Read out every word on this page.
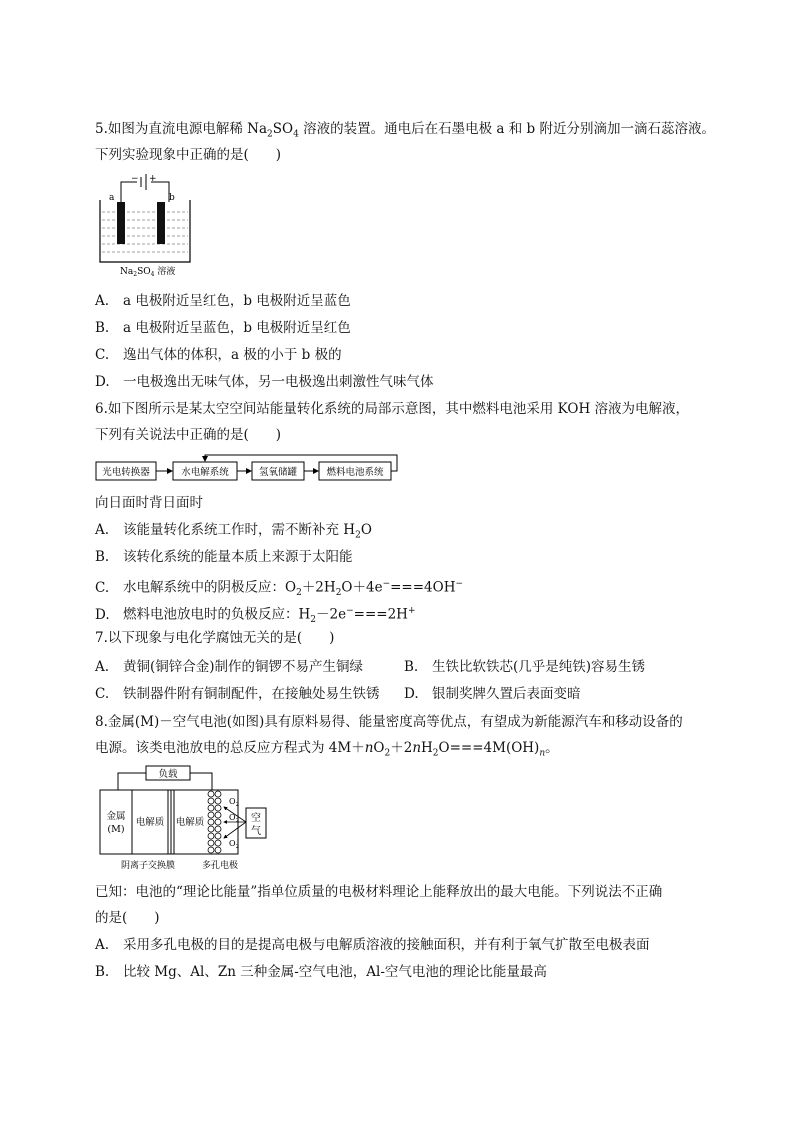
5.如图为直流电源电解稀 $Na_2SO_4$ 溶液的装置。通电后在石墨电极 a 和 b 附近分别滴加一滴石蕊溶液。
下列实验现象中正确的是(　　)
− +
a	b
$Na_2SO_4$ 溶液
A. a 电极附近呈红色，b 电极附近呈蓝色
B. a 电极附近呈蓝色，b 电极附近呈红色
C. 逸出气体的体积，a 极的小于 b 极的
D. 一电极逸出无味气体，另一电极逸出刺激性气味气体
6.如下图所示是某太空空间站能量转化系统的局部示意图，其中燃料电池采用 KOH 溶液为电解液，
下列有关说法中正确的是(　　)
光电转换器	水电解系统	氢氧储罐	燃料电池系统
向日面时背日面时
A. 该能量转化系统工作时，需不断补充 $H_2O$
B. 该转化系统的能量本质上来源于太阳能
C. 水电解系统中的阴极反应：$O_2+2H_2O+4e^-===4OH^-$
D. 燃料电池放电时的负极反应：$H_2-2e^-===2H^+$
7.以下现象与电化学腐蚀无关的是(　　)
A. 黄铜(铜锌合金)制作的铜锣不易产生铜绿	B. 生铁比软铁芯(几乎是纯铁)容易生锈
C. 铁制器件附有铜制配件，在接触处易生铁锈 D. 银制奖牌久置后表面变暗
8.金属(M)－空气电池(如图)具有原料易得、能量密度高等优点，有望成为新能源汽车和移动设备的
电源。该类电池放电的总反应方程式为 $4M+nO_2+2nH_2O===4M(OH)_n$。
负载
金属
(M)
电解质 电解质
$O_2$
$O_2$
$O_2$
空
气
阴离子交换膜	多孔电极
已知：电池的“理论比能量”指单位质量的电极材料理论上能释放出的最大电能。下列说法不正确
的是(　　)
A. 采用多孔电极的目的是提高电极与电解质溶液的接触面积，并有利于氧气扩散至电极表面
B. 比较 Mg、Al、Zn 三种金属-空气电池，Al-空气电池的理论比能量最高
